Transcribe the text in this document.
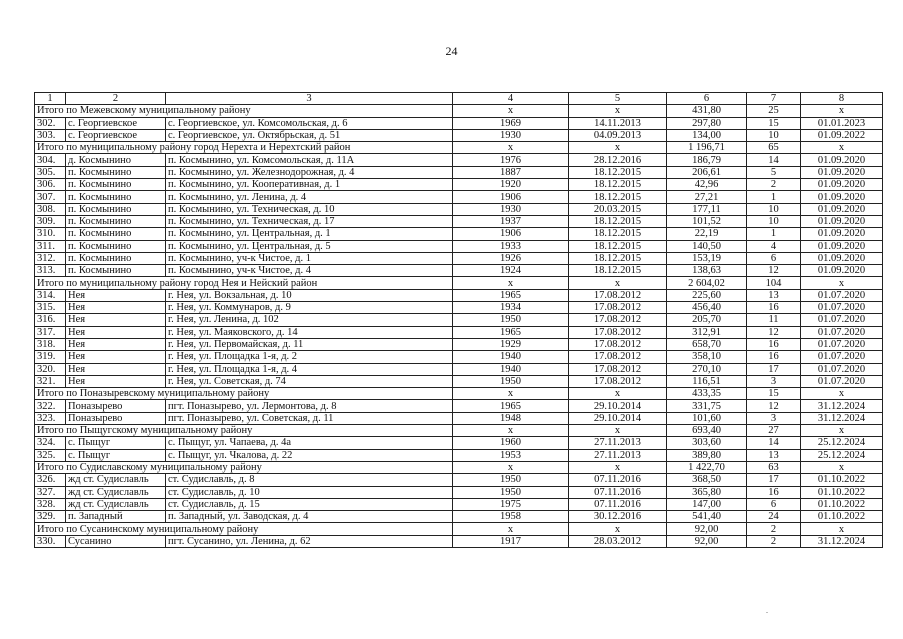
24
1	2	3	4	5	6	7	8
Итого по Межевскому муниципальному району			x	x	431,80	25	x
302.	с. Георгиевское	с. Георгиевское, ул. Комсомольская, д. 6	1969	14.11.2013	297,80	15	01.01.2023
303.	с. Георгиевское	с. Георгиевское, ул. Октябрьская, д. 51	1930	04.09.2013	134,00	10	01.09.2022
Итого по муниципальному району город Нерехта и Нерехтский район			x	x	1 196,71	65	x
304.	д. Космынино	п. Космынино, ул. Комсомольская, д. 11А	1976	28.12.2016	186,79	14	01.09.2020
305.	п. Космынино	п. Космынино, ул. Железнодорожная, д. 4	1887	18.12.2015	206,61	5	01.09.2020
306.	п. Космынино	п. Космынино, ул. Кооперативная, д. 1	1920	18.12.2015	42,96	2	01.09.2020
307.	п. Космынино	п. Космынино, ул. Ленина, д. 4	1906	18.12.2015	27,21	1	01.09.2020
308.	п. Космынино	п. Космынино, ул. Техническая, д. 10	1930	20.03.2015	177,11	10	01.09.2020
309.	п. Космынино	п. Космынино, ул. Техническая, д. 17	1937	18.12.2015	101,52	10	01.09.2020
310.	п. Космынино	п. Космынино, ул. Центральная, д. 1	1906	18.12.2015	22,19	1	01.09.2020
311.	п. Космынино	п. Космынино, ул. Центральная, д. 5	1933	18.12.2015	140,50	4	01.09.2020
312.	п. Космынино	п. Космынино, уч-к Чистое, д. 1	1926	18.12.2015	153,19	6	01.09.2020
313.	п. Космынино	п. Космынино, уч-к Чистое, д. 4	1924	18.12.2015	138,63	12	01.09.2020
Итого по муниципальному району город Нея и Нейский район			x	x	2 604,02	104	x
314.	Нея	г. Нея, ул. Вокзальная, д. 10	1965	17.08.2012	225,60	13	01.07.2020
315.	Нея	г. Нея, ул. Коммунаров, д. 9	1934	17.08.2012	456,40	16	01.07.2020
316.	Нея	г. Нея, ул. Ленина, д. 102	1950	17.08.2012	205,70	11	01.07.2020
317.	Нея	г. Нея, ул. Маяковского, д. 14	1965	17.08.2012	312,91	12	01.07.2020
318.	Нея	г. Нея, ул. Первомайская, д. 11	1929	17.08.2012	658,70	16	01.07.2020
319.	Нея	г. Нея, ул. Площадка 1-я, д. 2	1940	17.08.2012	358,10	16	01.07.2020
320.	Нея	г. Нея, ул. Площадка 1-я, д. 4	1940	17.08.2012	270,10	17	01.07.2020
321.	Нея	г. Нея, ул. Советская, д. 74	1950	17.08.2012	116,51	3	01.07.2020
Итого по Поназыревскому муниципальному району			x	x	433,35	15	x
322.	Поназырево	пгт. Поназырево, ул. Лермонтова, д. 8	1965	29.10.2014	331,75	12	31.12.2024
323.	Поназырево	пгт. Поназырево, ул. Советская, д. 11	1948	29.10.2014	101,60	3	31.12.2024
Итого по Пыщугскому муниципальному району			x	x	693,40	27	x
324.	с. Пыщуг	с. Пыщуг, ул. Чапаева, д. 4а	1960	27.11.2013	303,60	14	25.12.2024
325.	с. Пыщуг	с. Пыщуг, ул. Чкалова, д. 22	1953	27.11.2013	389,80	13	25.12.2024
Итого по Судиславскому муниципальному району			x	x	1 422,70	63	x
326.	жд ст. Судиславль	ст. Судиславль, д. 8	1950	07.11.2016	368,50	17	01.10.2022
327.	жд ст. Судиславль	ст. Судиславль, д. 10	1950	07.11.2016	365,80	16	01.10.2022
328.	жд ст. Судиславль	ст. Судиславль, д. 15	1975	07.11.2016	147,00	6	01.10.2022
329.	п. Западный	п. Западный, ул. Заводская, д. 4	1958	30.12.2016	541,40	24	01.10.2022
Итого по Сусанинскому муниципальному району			x	x	92,00	2	x
330.	Сусанино	пгт. Сусанино, ул. Ленина, д. 62	1917	28.03.2012	92,00	2	31.12.2024
.
